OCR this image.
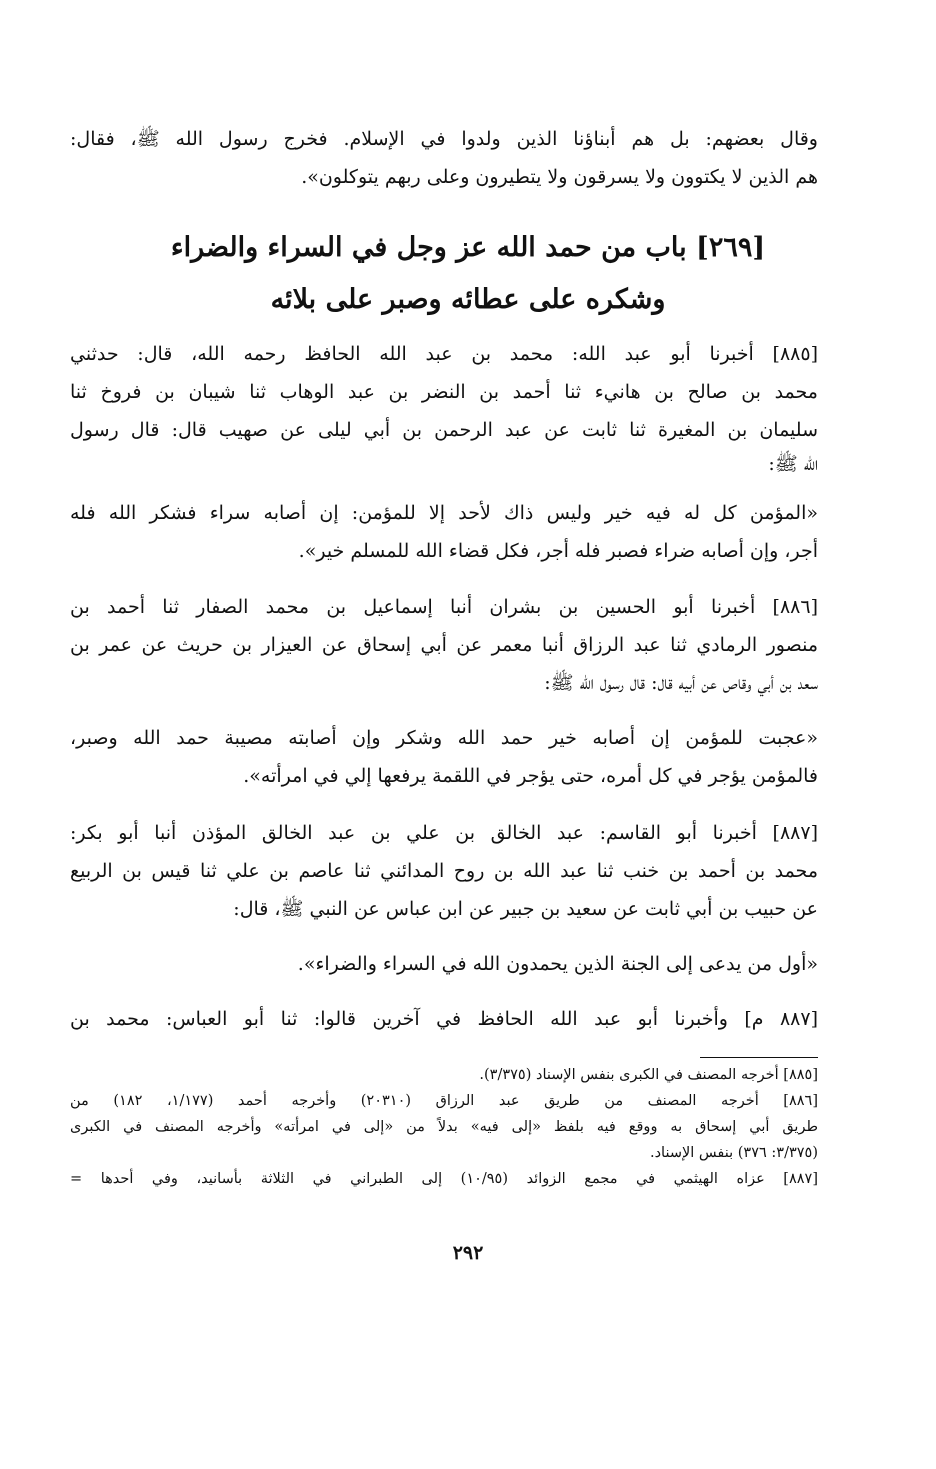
وقال بعضهم: بل هم أبناؤنا الذين ولدوا في الإسلام. فخرج رسول الله ﷺ، فقال:
هم الذين لا يكتوون ولا يسرقون ولا يتطيرون وعلى ربهم يتوكلون».
[٢٦٩] باب من حمد الله عز وجل في السراء والضراء
وشكره على عطائه وصبر على بلائه
[٨٨٥] أخبرنا أبو عبد الله: محمد بن عبد الله الحافظ رحمه الله، قال: حدثني
محمد بن صالح بن هانيء ثنا أحمد بن النضر بن عبد الوهاب ثنا شيبان بن فروخ ثنا
سليمان بن المغيرة ثنا ثابت عن عبد الرحمن بن أبي ليلى عن صهيب قال: قال رسول
الله ﷺ:
«المؤمن كل له فيه خير وليس ذاك لأحد إلا للمؤمن: إن أصابه سراء فشكر الله فله
أجر، وإن أصابه ضراء فصبر فله أجر، فكل قضاء الله للمسلم خير».
[٨٨٦] أخبرنا أبو الحسين بن بشران أنبا إسماعيل بن محمد الصفار ثنا أحمد بن
منصور الرمادي ثنا عبد الرزاق أنبا معمر عن أبي إسحاق عن العيزار بن حريث عن عمر بن
سعد بن أبي وقاص عن أبيه قال: قال رسول الله ﷺ:
«عجبت للمؤمن إن أصابه خير حمد الله وشكر وإن أصابته مصيبة حمد الله وصبر،
فالمؤمن يؤجر في كل أمره، حتى يؤجر في اللقمة يرفعها إلي في امرأته».
[٨٨٧] أخبرنا أبو القاسم: عبد الخالق بن علي بن عبد الخالق المؤذن أنبا أبو بكر:
محمد بن أحمد بن خنب ثنا عبد الله بن روح المدائني ثنا عاصم بن علي ثنا قيس بن الربيع
عن حبيب بن أبي ثابت عن سعيد بن جبير عن ابن عباس عن النبي ﷺ، قال:
«أول من يدعى إلى الجنة الذين يحمدون الله في السراء والضراء».
[٨٨٧ م] وأخبرنا أبو عبد الله الحافظ في آخرين قالوا: ثنا أبو العباس: محمد بن
[٨٨٥] أخرجه المصنف في الكبرى بنفس الإسناد (٣/٣٧٥).
[٨٨٦] أخرجه المصنف من طريق عبد الرزاق (٢٠٣١٠) وأخرجه أحمد (١/١٧٧، ١٨٢) من
طريق أبي إسحاق به ووقع فيه بلفظ «إلى فيه» بدلاً من «إلى في امرأته» وأخرجه المصنف في الكبرى
(٣/٣٧٥: ٣٧٦) بنفس الإسناد.
[٨٨٧] عزاه الهيثمي في مجمع الزوائد (١٠/٩٥) إلى الطبراني في الثلاثة بأسانيد، وفي أحدها =
٢٩٢
